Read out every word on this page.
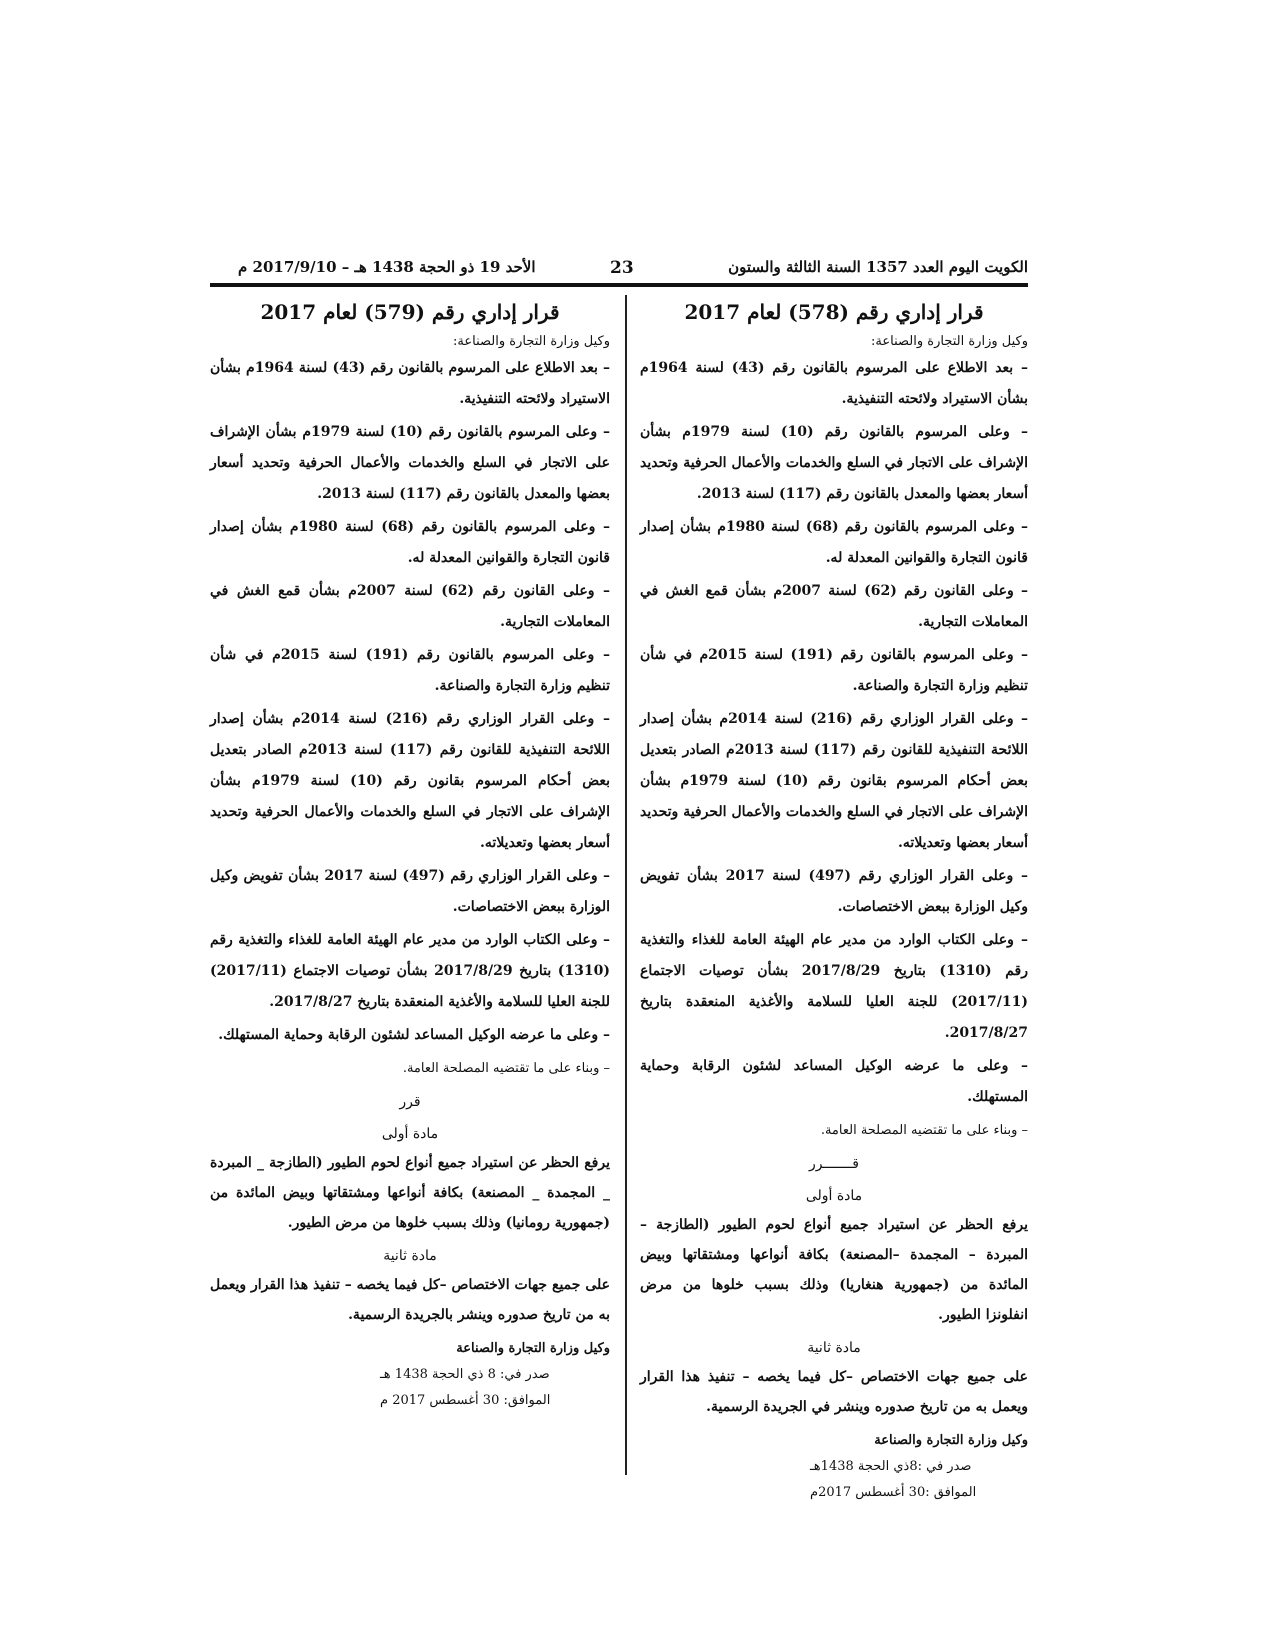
الأحد 19 ذو الحجة 1438 هـ – 2017/9/10 م	23	الكويت اليوم العدد 1357 السنة الثالثة والستون
قرار إداري رقم (578) لعام 2017
وكيل وزارة التجارة والصناعة:

– بعد الاطلاع على المرسوم بالقانون رقم (43) لسنة 1964م بشأن الاستيراد ولائحته التنفيذية.

– وعلى المرسوم بالقانون رقم (10) لسنة 1979م بشأن الإشراف على الاتجار في السلع والخدمات والأعمال الحرفية وتحديد أسعار بعضها والمعدل بالقانون رقم (117) لسنة 2013.

– وعلى المرسوم بالقانون رقم (68) لسنة 1980م بشأن إصدار قانون التجارة والقوانين المعدلة له.

– وعلى القانون رقم (62) لسنة 2007م بشأن قمع الغش في المعاملات التجارية.

– وعلى المرسوم بالقانون رقم (191) لسنة 2015م في شأن تنظيم وزارة التجارة والصناعة.

– وعلى القرار الوزاري رقم (216) لسنة 2014م بشأن إصدار اللائحة التنفيذية للقانون رقم (117) لسنة 2013م الصادر بتعديل بعض أحكام المرسوم بقانون رقم (10) لسنة 1979م بشأن الإشراف على الاتجار في السلع والخدمات والأعمال الحرفية وتحديد أسعار بعضها وتعديلاته.

– وعلى القرار الوزاري رقم (497) لسنة 2017 بشأن تفويض وكيل الوزارة ببعض الاختصاصات.

– وعلى الكتاب الوارد من مدير عام الهيئة العامة للغذاء والتغذية رقم (1310) بتاريخ 2017/8/29 بشأن توصيات الاجتماع (2017/11) للجنة العليا للسلامة والأغذية المنعقدة بتاريخ 2017/8/27.

– وعلى ما عرضه الوكيل المساعد لشئون الرقابة وحماية المستهلك.

– وبناء على ما تقتضيه المصلحة العامة.

قـــــــرر
مادة أولى

يرفع الحظر عن استيراد جميع أنواع لحوم الطيور (الطازجة –المبردة – المجمدة –المصنعة) بكافة أنواعها ومشتقاتها وبيض المائدة من (جمهورية هنغاريا) وذلك بسبب خلوها من مرض انفلونزا الطيور.

مادة ثانية

على جميع جهات الاختصاص –كل فيما يخصه – تنفيذ هذا القرار ويعمل به من تاريخ صدوره وينشر في الجريدة الرسمية.

وكيل وزارة التجارة والصناعة
صدر في :8ذي الحجة 1438هـ
الموافق :30 أغسطس 2017م
قرار إداري رقم (579) لعام 2017
وكيل وزارة التجارة والصناعة:

– بعد الاطلاع على المرسوم بالقانون رقم (43) لسنة 1964م بشأن الاستيراد ولائحته التنفيذية.

– وعلى المرسوم بالقانون رقم (10) لسنة 1979م بشأن الإشراف على الاتجار في السلع والخدمات والأعمال الحرفية وتحديد أسعار بعضها والمعدل بالقانون رقم (117) لسنة 2013.

– وعلى المرسوم بالقانون رقم (68) لسنة 1980م بشأن إصدار قانون التجارة والقوانين المعدلة له.

– وعلى القانون رقم (62) لسنة 2007م بشأن قمع الغش في المعاملات التجارية.

– وعلى المرسوم بالقانون رقم (191) لسنة 2015م في شأن تنظيم وزارة التجارة والصناعة.

– وعلى القرار الوزاري رقم (216) لسنة 2014م بشأن إصدار اللائحة التنفيذية للقانون رقم (117) لسنة 2013م الصادر بتعديل بعض أحكام المرسوم بقانون رقم (10) لسنة 1979م بشأن الإشراف على الاتجار في السلع والخدمات والأعمال الحرفية وتحديد أسعار بعضها وتعديلاته.

– وعلى القرار الوزاري رقم (497) لسنة 2017 بشأن تفويض وكيل الوزارة ببعض الاختصاصات.

– وعلى الكتاب الوارد من مدير عام الهيئة العامة للغذاء والتغذية رقم (1310) بتاريخ 2017/8/29 بشأن توصيات الاجتماع (2017/11) للجنة العليا للسلامة والأغذية المنعقدة بتاريخ 2017/8/27.

– وعلى ما عرضه الوكيل المساعد لشئون الرقابة وحماية المستهلك.

– وبناء على ما تقتضيه المصلحة العامة.

قرر
مادة أولى

يرفع الحظر عن استيراد جميع أنواع لحوم الطيور (الطازجة _ المبردة _ المجمدة _ المصنعة) بكافة أنواعها ومشتقاتها وبيض المائدة من (جمهورية رومانيا) وذلك بسبب خلوها من مرض الطيور.

مادة ثانية

على جميع جهات الاختصاص –كل فيما يخصه – تنفيذ هذا القرار ويعمل به من تاريخ صدوره وينشر بالجريدة الرسمية.

وكيل وزارة التجارة والصناعة
صدر في: 8 ذي الحجة 1438 هـ
الموافق: 30 أغسطس 2017 م
